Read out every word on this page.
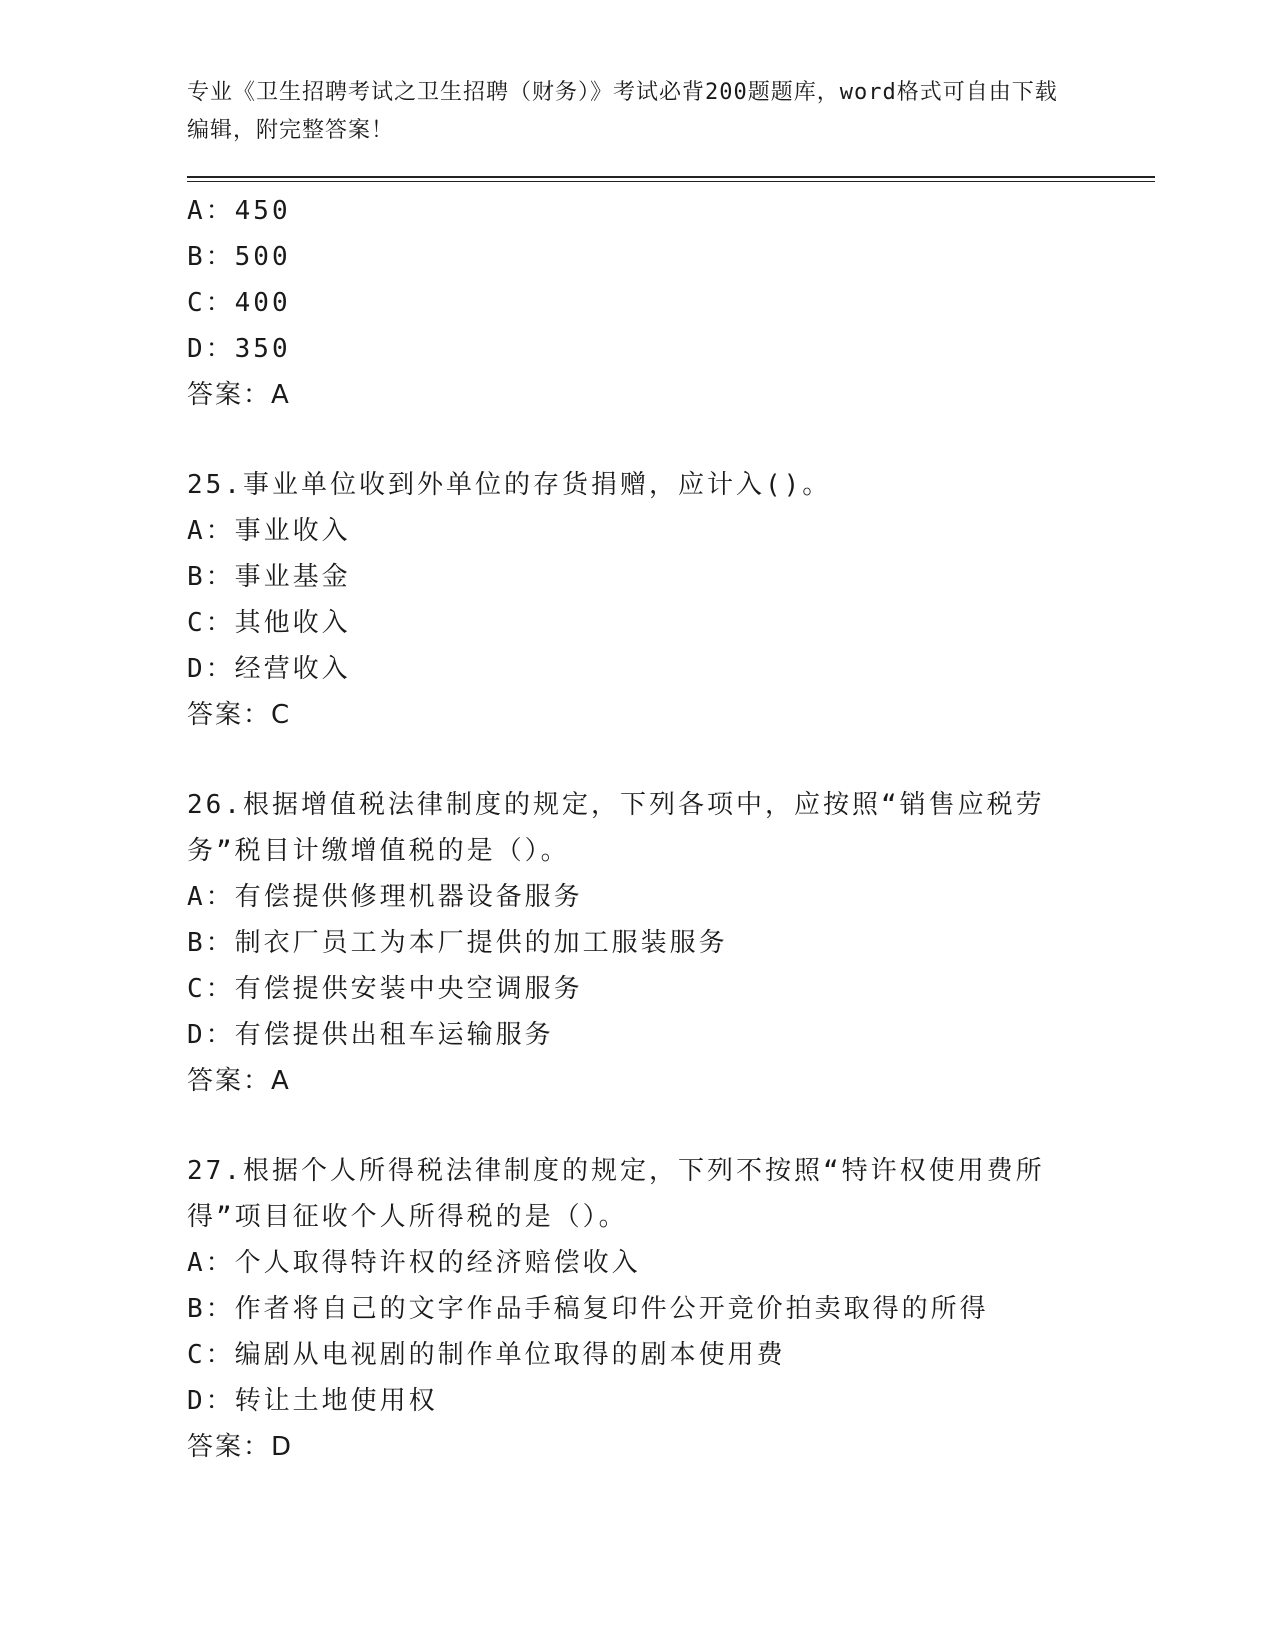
专业《卫生招聘考试之卫生招聘（财务）》考试必背200题题库，word格式可自由下载编辑，附完整答案！
A：450
B：500
C：400
D：350
答案：A
25.事业单位收到外单位的存货捐赠，应计入()。
A：事业收入
B：事业基金
C：其他收入
D：经营收入
答案：C
26.根据增值税法律制度的规定，下列各项中，应按照“销售应税劳务”税目计缴增值税的是（）。
A：有偿提供修理机器设备服务
B：制衣厂员工为本厂提供的加工服装服务
C：有偿提供安装中央空调服务
D：有偿提供出租车运输服务
答案：A
27.根据个人所得税法律制度的规定，下列不按照“特许权使用费所得”项目征收个人所得税的是（）。
A：个人取得特许权的经济赔偿收入
B：作者将自己的文字作品手稿复印件公开竞价拍卖取得的所得
C：编剧从电视剧的制作单位取得的剧本使用费
D：转让土地使用权
答案：D
